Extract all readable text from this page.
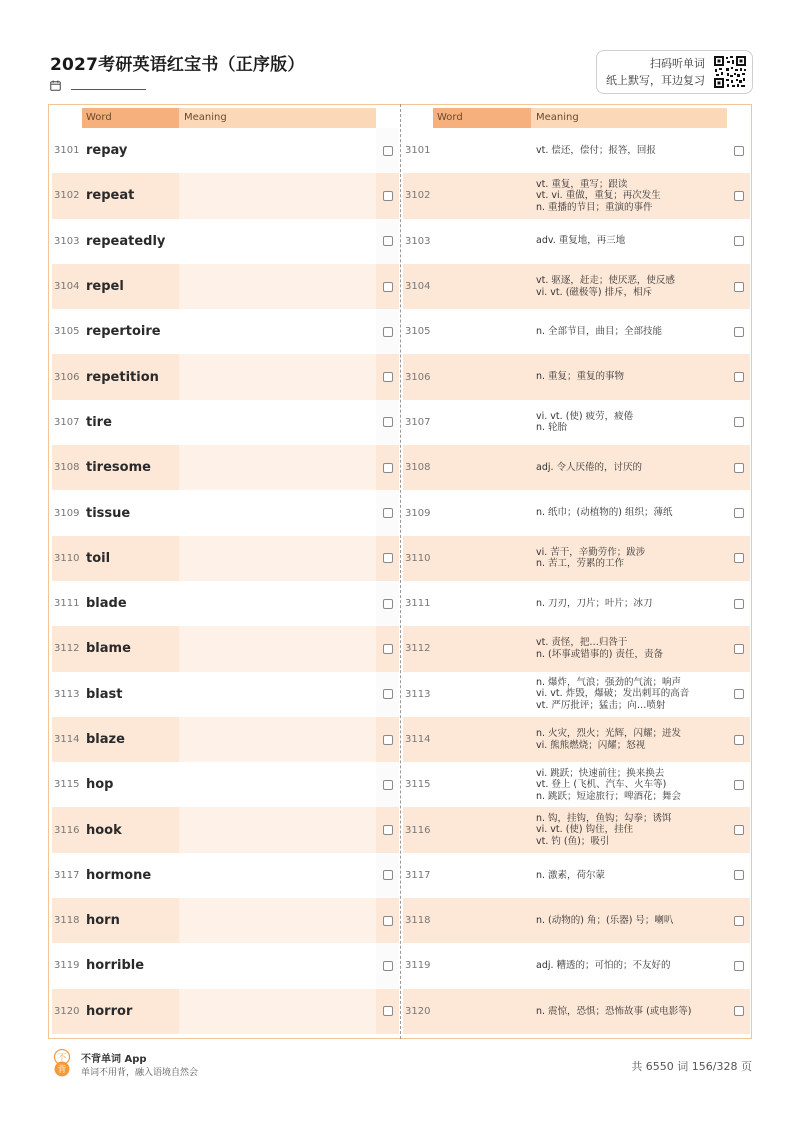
2027考研英语红宝书（正序版）	扫码听单词
纸上默写，耳边复习
Word	Meaning
3101 repay
3102 repeat
3103 repeatedly
3104 repel
3105 repertoire
3106 repetition
3107 tire
3108 tiresome
3109 tissue
3110 toil
3111 blade
3112 blame
3113 blast
3114 blaze
3115 hop
3116 hook
3117 hormone
3118 horn
3119 horrible
3120 horror
Word	Meaning
3101	vt. 偿还，偿付；报答，回报
3102
vt. 重复，重写；跟读
vt. vi. 重做，重复；再次发生
n. 重播的节目；重演的事件
3103	adv. 重复地，再三地
3104
vt. 驱逐，赶走；使厌恶，使反感
vi. vt. (磁极等) 排斥，相斥
3105	n. 全部节目，曲目；全部技能
3106	n. 重复；重复的事物
3107
vi. vt. (使) 疲劳，疲倦
n. 轮胎
3108	adj. 令人厌倦的，讨厌的
3109	n. 纸巾；(动植物的) 组织；薄纸
3110
vi. 苦干，辛勤劳作；跋涉
n. 苦工，劳累的工作
3111	n. 刀刃，刀片；叶片；冰刀
3112
vt. 责怪，把…归咎于
n. (坏事或错事的) 责任，责备
3113
n. 爆炸，气浪；强劲的气流；响声
vi. vt. 炸毁，爆破；发出刺耳的高音
vt. 严厉批评；猛击；向…喷射
3114
n. 火灾，烈火；光辉，闪耀；迸发
vi. 熊熊燃烧；闪耀；怒视
3115
vi. 跳跃；快速前往；换来换去
vt. 登上 (飞机、汽车、火车等)
n. 跳跃；短途旅行；啤酒花；舞会
3116
n. 钩，挂钩，鱼钩；勾拳；诱饵
vi. vt. (使) 钩住，挂住
vt. 钓 (鱼)；吸引
3117	n. 激素，荷尔蒙
3118	n. (动物的) 角；(乐器) 号；喇叭
3119	adj. 糟透的；可怕的；不友好的
3120	n. 震惊，恐惧；恐怖故事 (或电影等)
不
背
不背单词 App
单词不用背，融入语境自然会	共 6550 词 156/328 页
